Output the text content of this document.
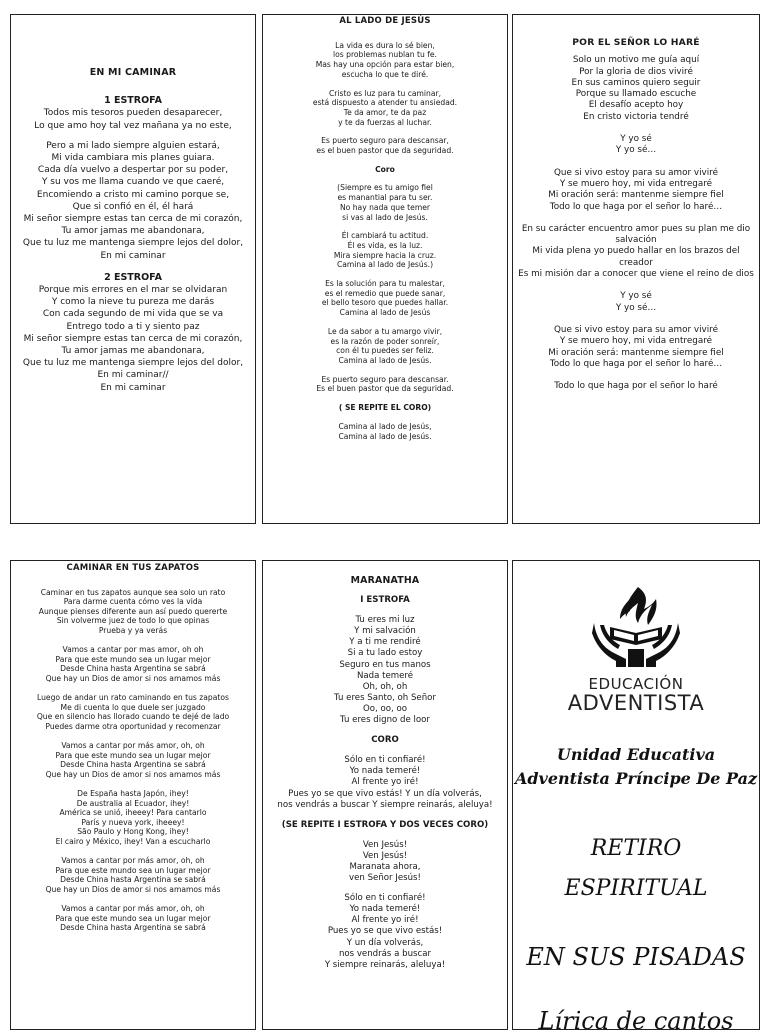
EN MI CAMINAR
1 ESTROFA
Todos mis tesoros pueden desaparecer,
Lo que amo hoy tal vez mañana ya no este,
Pero a mi lado siempre alguien estará,
Mi vida cambiara mis planes guiara.
Cada día vuelvo a despertar por su poder,
Y su vos me llama cuando ve que caeré,
Encomiendo a cristo mi camino porque se,
Que si confió en él, él hará
Mi señor siempre estas tan cerca de mi corazón,
Tu amor jamas me abandonara,
Que tu luz me mantenga siempre lejos del dolor,
En mi caminar
2 ESTROFA
Porque mis errores en el mar se olvidaran
Y como la nieve tu pureza me darás
Con cada segundo de mi vida que se va
Entrego todo a ti y siento paz
Mi señor siempre estas tan cerca de mi corazón,
Tu amor jamas me abandonara,
Que tu luz me mantenga siempre lejos del dolor,
En mi caminar//
En mi caminar
AL LADO DE JESÚS
La vida es dura lo sé bien,
los problemas nublan tu fe.
Mas hay una opción para estar bien,
escucha lo que te diré.
Cristo es luz para tu caminar,
está dispuesto a atender tu ansiedad.
Te da amor, te da paz
y te da fuerzas al luchar.
Es puerto seguro para descansar,
es el buen pastor que da seguridad.
Coro
(Siempre es tu amigo fiel
es manantial para tu ser.
No hay nada que temer
si vas al lado de Jesús.
Él cambiará tu actitud.
Él es vida, es la luz.
Mira siempre hacia la cruz.
Camina al lado de Jesús.)
Es la solución para tu malestar,
es el remedio que puede sanar,
el bello tesoro que puedes hallar.
Camina al lado de Jesús
Le da sabor a tu amargo vivir,
es la razón de poder sonreír,
con él tu puedes ser feliz.
Camina al lado de Jesús.
Es puerto seguro para descansar.
Es el buen pastor que da seguridad.
( SE REPITE EL CORO)
Camina al lado de Jesús,
Camina al lado de Jesús.
POR EL SEÑOR LO HARÉ
Solo un motivo me guía aquí
Por la gloria de dios viviré
En sus caminos quiero seguir
Porque su llamado escuche
El desafío acepto hoy
En cristo victoria tendré
Y yo sé
Y yo sé…
Que si vivo estoy para su amor viviré
Y se muero hoy, mi vida entregaré
Mi oración será: mantenme siempre fiel
Todo lo que haga por el señor lo haré…
En su carácter encuentro amor pues su plan me dio salvación
Mi vida plena yo puedo hallar en los brazos del creador
Es mi misión dar a conocer que viene el reino de dios
Y yo sé
Y yo sé…
Que si vivo estoy para su amor viviré
Y se muero hoy, mi vida entregaré
Mi oración será: mantenme siempre fiel
Todo lo que haga por el señor lo haré…
Todo lo que haga por el señor lo haré
CAMINAR EN TUS ZAPATOS
Caminar en tus zapatos aunque sea solo un rato
Para darme cuenta cómo ves la vida
Aunque pienses diferente aun así puedo quererte
Sin volverme juez de todo lo que opinas
Prueba y ya verás
Vamos a cantar por mas amor, oh oh
Para que este mundo sea un lugar mejor
Desde China hasta Argentina se sabrá
Que hay un Dios de amor si nos amamos más
Luego de andar un rato caminando en tus zapatos
Me di cuenta lo que duele ser juzgado
Que en silencio has llorado cuando te dejé de lado
Puedes darme otra oportunidad y recomenzar
Vamos a cantar por más amor, oh, oh
Para que este mundo sea un lugar mejor
Desde China hasta Argentina se sabrá
Que hay un Dios de amor si nos amamos más
De España hasta Japón, ihey!
De australia al Ecuador, ihey!
América se unió, iheeey! Para cantarlo
París y nueva york, iheeey!
São Paulo y Hong Kong, ihey!
El cairo y México, ihey! Van a escucharlo
Vamos a cantar por más amor, oh, oh
Para que este mundo sea un lugar mejor
Desde China hasta Argentina se sabrá
Que hay un Dios de amor si nos amamos más
Vamos a cantar por más amor, oh, oh
Para que este mundo sea un lugar mejor
Desde China hasta Argentina se sabrá
MARANATHA
I ESTROFA
Tu eres mi luz
Y mi salvación
Y a ti me rendiré
Si a tu lado estoy
Seguro en tus manos
Nada temeré
Oh, oh, oh
Tu eres Santo, oh Señor
Oo, oo, oo
Tu eres digno de loor
CORO
Sólo en ti confiaré!
Yo nada temeré!
Al frente yo iré!
Pues yo se que vivo estás! Y un día volverás,
nos vendrás a buscar Y siempre reinarás, aleluya!
(SE REPITE I ESTROFA Y DOS VECES CORO)
Ven Jesús!
Ven Jesús!
Maranata ahora,
ven Señor Jesús!
Sólo en ti confiaré!
Yo nada temeré!
Al frente yo iré!
Pues yo se que vivo estás!
Y un día volverás,
nos vendrás a buscar
Y siempre reinarás, aleluya!
EDUCACIÓN
ADVENTISTA
Unidad Educativa
Adventista Príncipe De Paz
RETIRO
ESPIRITUAL
EN SUS PISADAS
Lírica de cantos
